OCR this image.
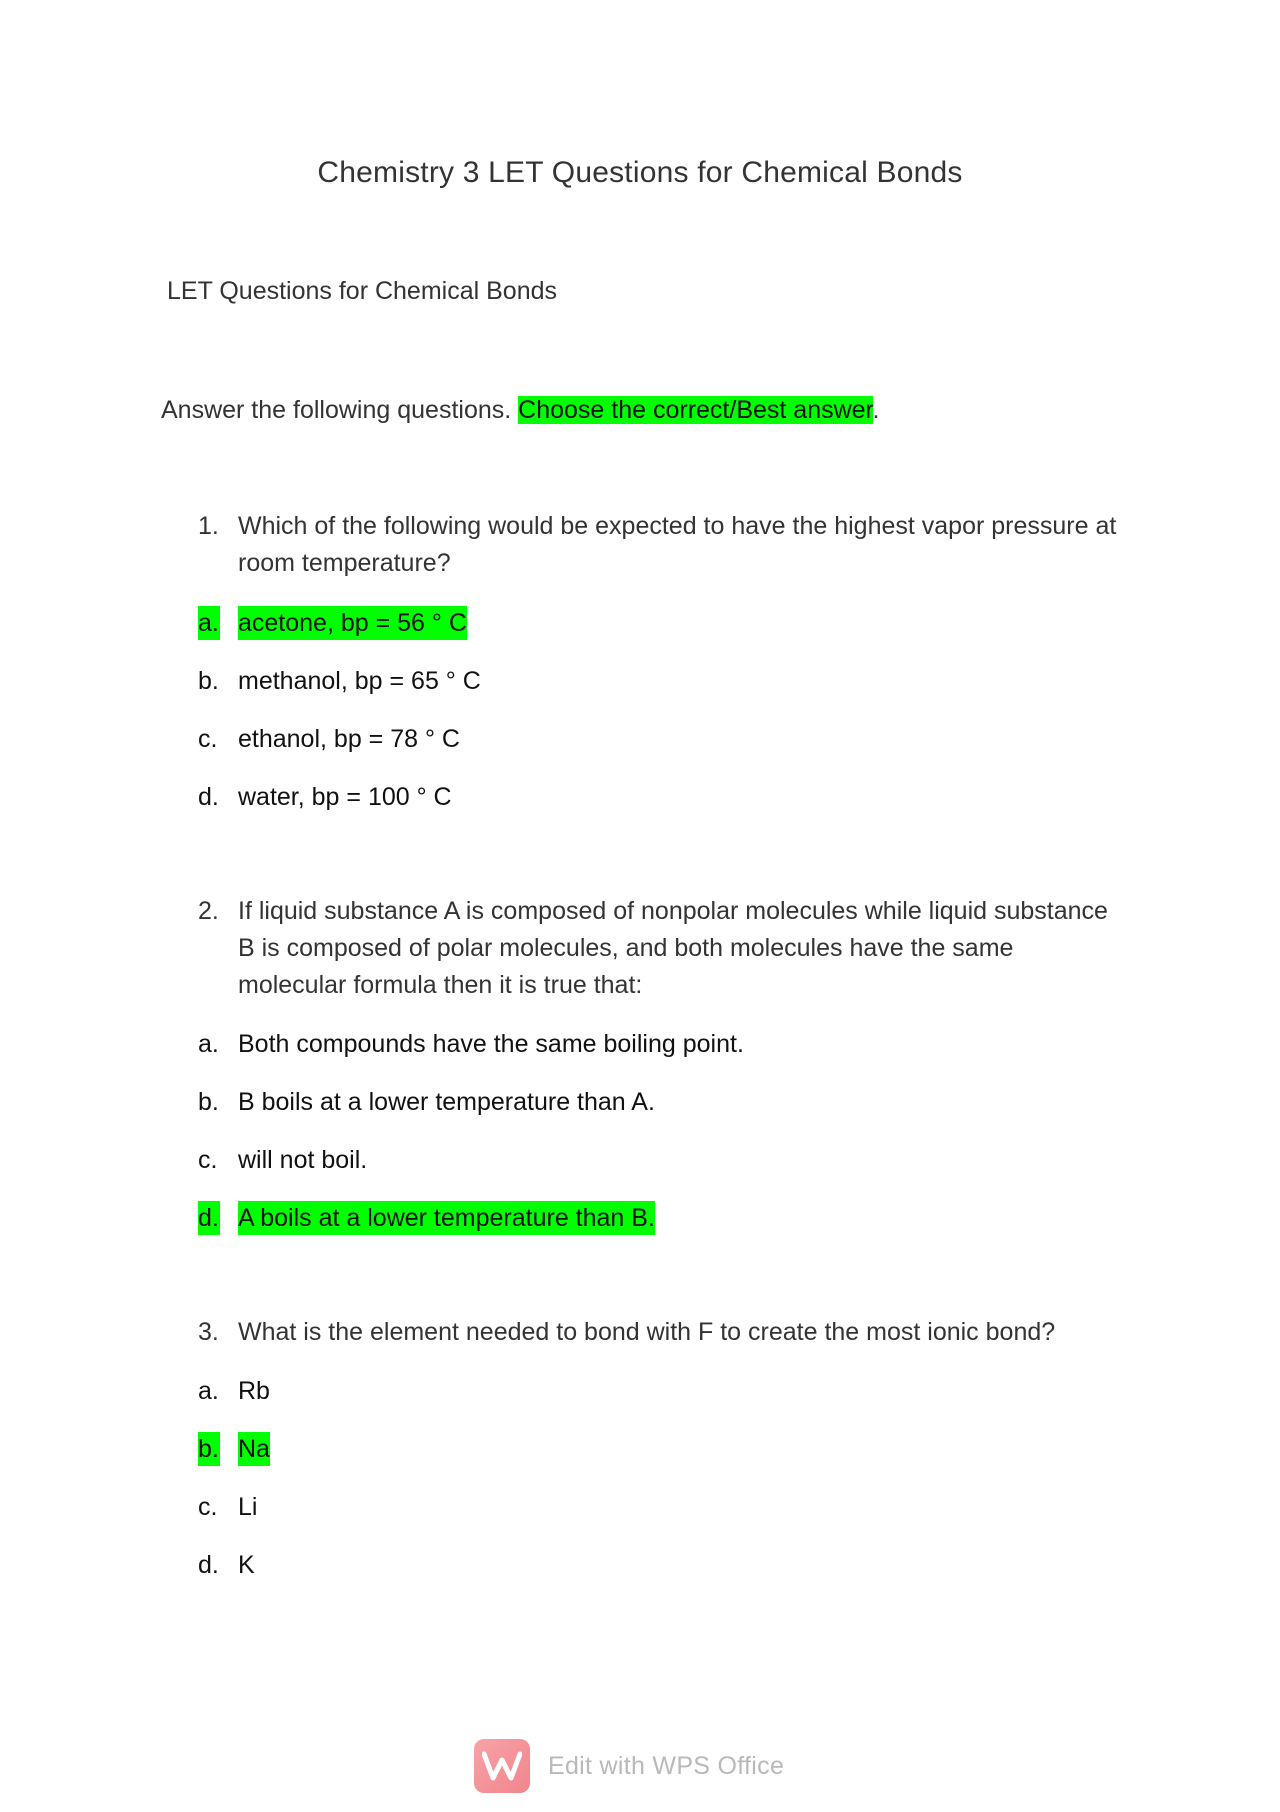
Chemistry 3 LET Questions for Chemical Bonds
LET Questions for Chemical Bonds

Answer the following questions. Choose the correct/Best answer.

1. Which of the following would be expected to have the highest vapor pressure at room temperature?
a. acetone, bp = 56 ° C
b. methanol, bp = 65 ° C
c. ethanol, bp = 78 ° C
d. water, bp = 100 ° C
2. If liquid substance A is composed of nonpolar molecules while liquid substance B is composed of polar molecules, and both molecules have the same molecular formula then it is true that:
a. Both compounds have the same boiling point.
b. B boils at a lower temperature than A.
c. will not boil.
d. A boils at a lower temperature than B.
3. What is the element needed to bond with F to create the most ionic bond?
a. Rb
b. Na
c. Li
d. K
Edit with WPS Office
